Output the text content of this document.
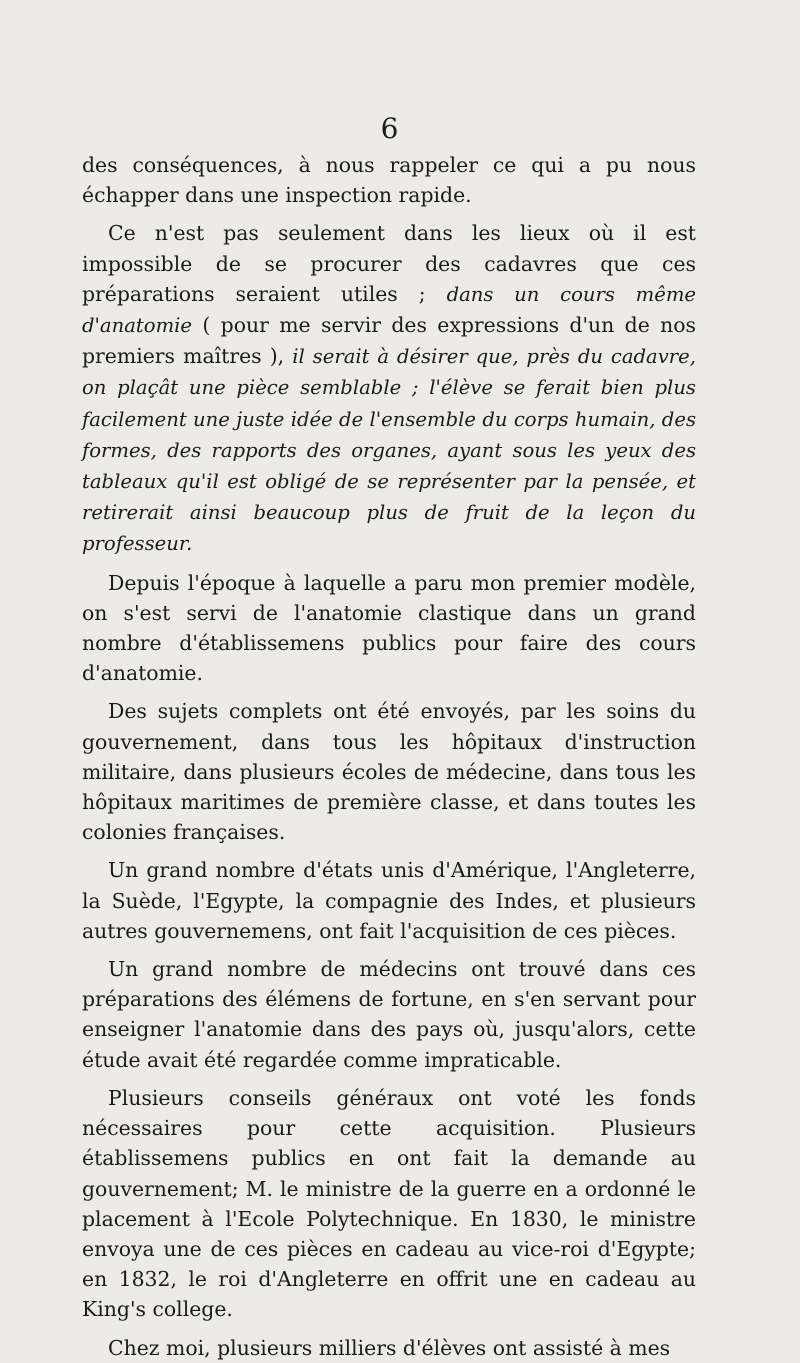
6

des conséquences, à nous rappeler ce qui a pu nous échapper dans une inspection rapide.

Ce n'est pas seulement dans les lieux où il est impossible de se procurer des cadavres que ces préparations seraient utiles ; dans un cours même d'anatomie ( pour me servir des expressions d'un de nos premiers maîtres ), il serait à désirer que, près du cadavre, on plaçât une pièce semblable ; l'élève se ferait bien plus facilement une juste idée de l'ensemble du corps humain, des formes, des rapports des organes, ayant sous les yeux des tableaux qu'il est obligé de se représenter par la pensée, et retirerait ainsi beaucoup plus de fruit de la leçon du professeur.

Depuis l'époque à laquelle a paru mon premier modèle, on s'est servi de l'anatomie clastique dans un grand nombre d'établissemens publics pour faire des cours d'anatomie.

Des sujets complets ont été envoyés, par les soins du gouvernement, dans tous les hôpitaux d'instruction militaire, dans plusieurs écoles de médecine, dans tous les hôpitaux maritimes de première classe, et dans toutes les colonies françaises.

Un grand nombre d'états unis d'Amérique, l'Angleterre, la Suède, l'Egypte, la compagnie des Indes, et plusieurs autres gouvernemens, ont fait l'acquisition de ces pièces.

Un grand nombre de médecins ont trouvé dans ces préparations des élémens de fortune, en s'en servant pour enseigner l'anatomie dans des pays où, jusqu'alors, cette étude avait été regardée comme impraticable.

Plusieurs conseils généraux ont voté les fonds nécessaires pour cette acquisition. Plusieurs établissemens publics en ont fait la demande au gouvernement; M. le ministre de la guerre en a ordonné le placement à l'Ecole Polytechnique. En 1830, le ministre envoya une de ces pièces en cadeau au vice-roi d'Egypte; en 1832, le roi d'Angleterre en offrit une en cadeau au King's college.

Chez moi, plusieurs milliers d'élèves ont assisté à mes
